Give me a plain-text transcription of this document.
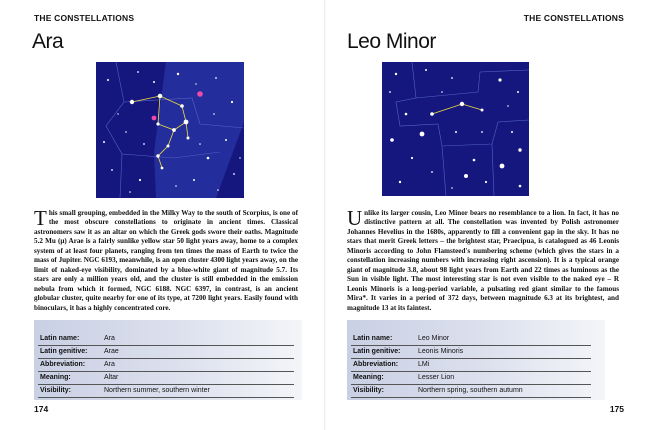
THE CONSTELLATIONS
Ara
This small grouping, embedded in the Milky Way to the south of Scorpius, is one of the most obscure constellations to originate in ancient times. Classical astronomers saw it as an altar on which the Greek gods swore their oaths. Magnitude 5.2 Mu (μ) Arae is a fairly sunlike yellow star 50 light years away, home to a complex system of at least four planets, ranging from ten times the mass of Earth to twice the mass of Jupiter. NGC 6193, meanwhile, is an open cluster 4300 light years away, on the limit of naked-eye visibility, dominated by a blue-white giant of magnitude 5.7. Its stars are only a million years old, and the cluster is still embedded in the emission nebula from which it formed, NGC 6188. NGC 6397, in contrast, is an ancient globular cluster, quite nearby for one of its type, at 7200 light years. Easily found with binoculars, it has a highly concentrated core.
Latin name:	Ara
Latin genitive:	Arae
Abbreviation:	Ara
Meaning:	Altar
Visibility:	Northern summer, southern winter
174
THE CONSTELLATIONS
Leo Minor
Unlike its larger cousin, Leo Minor bears no resemblance to a lion. In fact, it has no distinctive pattern at all. The constellation was invented by Polish astronomer Johannes Hevelius in the 1680s, apparently to fill a convenient gap in the sky. It has no stars that merit Greek letters – the brightest star, Praecipua, is catalogued as 46 Leonis Minoris according to John Flamsteed's numbering scheme (which gives the stars in a constellation increasing numbers with increasing right ascension). It is a typical orange giant of magnitude 3.8, about 98 light years from Earth and 22 times as luminous as the Sun in visible light. The most interesting star is not even visible to the naked eye – R Leonis Minoris is a long-period variable, a pulsating red giant similar to the famous Mira*. It varies in a period of 372 days, between magnitude 6.3 at its brightest, and magnitude 13 at its faintest.
Latin name:	Leo Minor
Latin genitive:	Leonis Minoris
Abbreviation:	LMi
Meaning:	Lesser Lion
Visibility:	Northern spring, southern autumn
175
